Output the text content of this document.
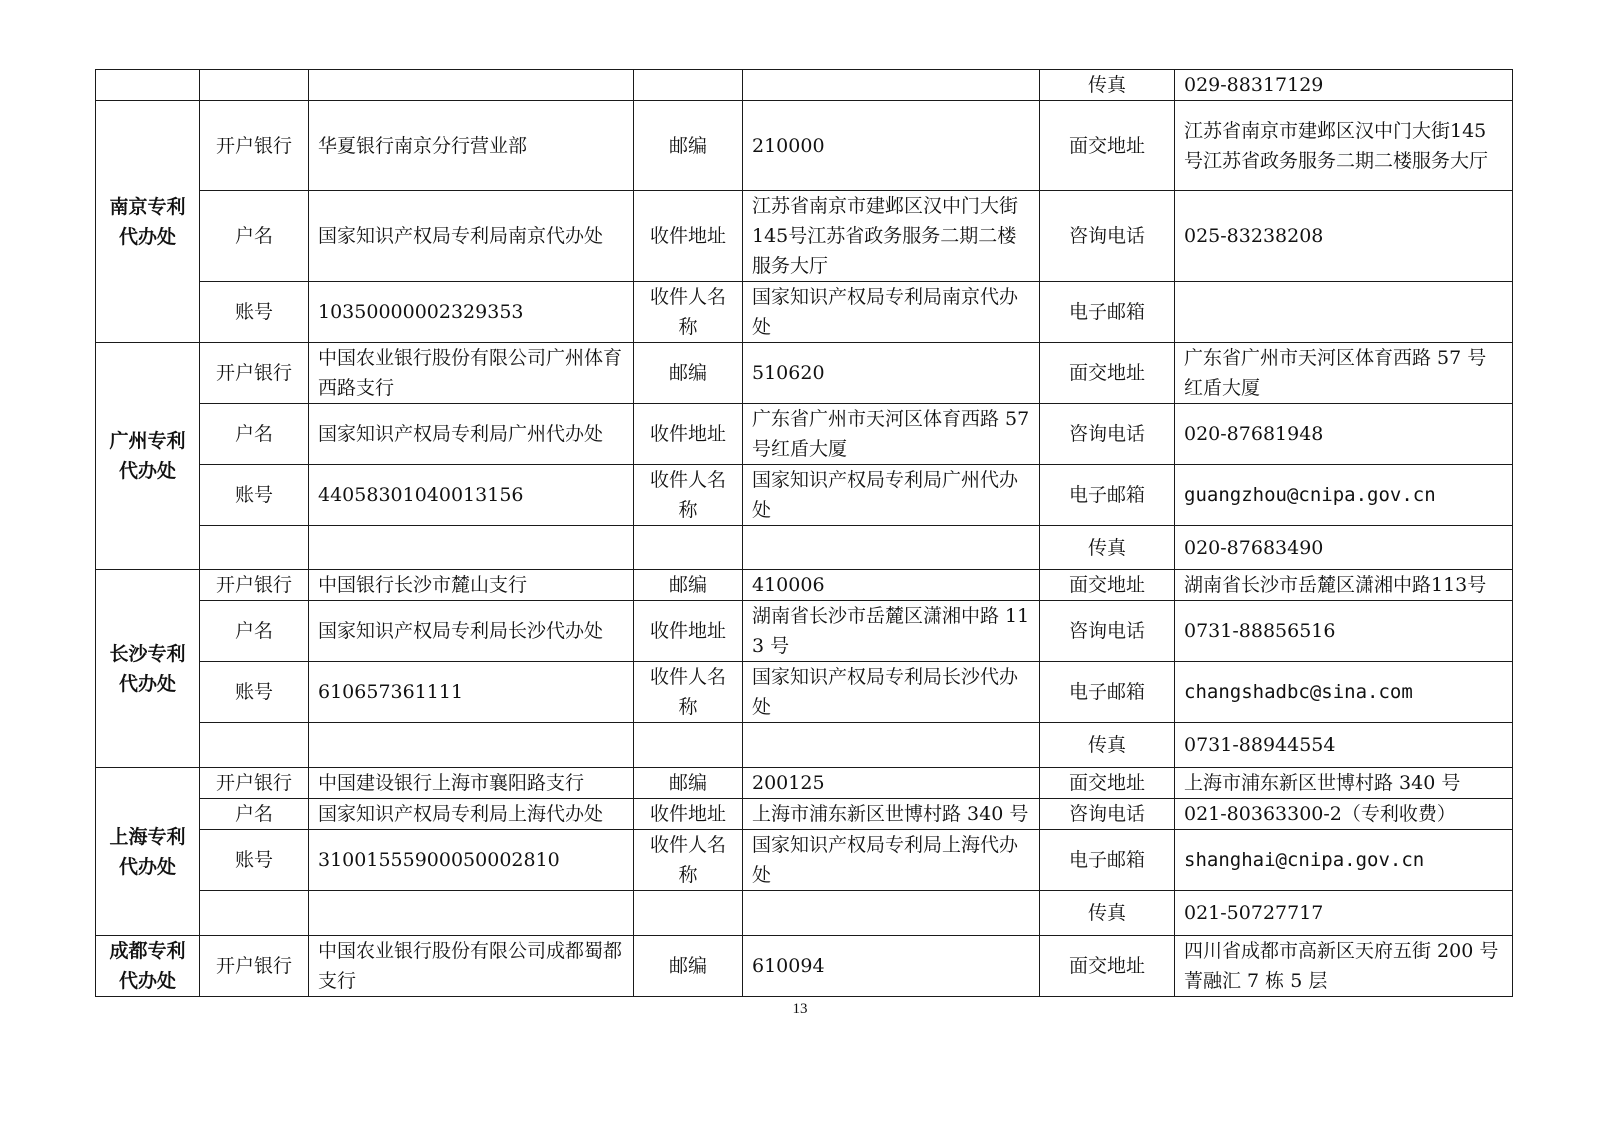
					传真	029-88317129
南京专利代办处	开户银行	华夏银行南京分行营业部	邮编	210000	面交地址	江苏省南京市建邺区汉中门大街145号江苏省政务服务二期二楼服务大厅
	户名	国家知识产权局专利局南京代办处	收件地址	江苏省南京市建邺区汉中门大街145号江苏省政务服务二期二楼服务大厅	咨询电话	025-83238208
	账号	10350000002329353	收件人名称	国家知识产权局专利局南京代办处	电子邮箱	
广州专利代办处	开户银行	中国农业银行股份有限公司广州体育西路支行	邮编	510620	面交地址	广东省广州市天河区体育西路 57 号红盾大厦
	户名	国家知识产权局专利局广州代办处	收件地址	广东省广州市天河区体育西路 57 号红盾大厦	咨询电话	020-87681948
	账号	44058301040013156	收件人名称	国家知识产权局专利局广州代办处	电子邮箱	guangzhou@cnipa.gov.cn
					传真	020-87683490
长沙专利代办处	开户银行	中国银行长沙市麓山支行	邮编	410006	面交地址	湖南省长沙市岳麓区潇湘中路113号
	户名	国家知识产权局专利局长沙代办处	收件地址	湖南省长沙市岳麓区潇湘中路 113 号	咨询电话	0731-88856516
	账号	610657361111	收件人名称	国家知识产权局专利局长沙代办处	电子邮箱	changshadbc@sina.com
					传真	0731-88944554
上海专利代办处	开户银行	中国建设银行上海市襄阳路支行	邮编	200125	面交地址	上海市浦东新区世博村路 340 号
	户名	国家知识产权局专利局上海代办处	收件地址	上海市浦东新区世博村路 340 号	咨询电话	021-80363300-2（专利收费）
	账号	31001555900050002810	收件人名称	国家知识产权局专利局上海代办处	电子邮箱	shanghai@cnipa.gov.cn
					传真	021-50727717
成都专利代办处	开户银行	中国农业银行股份有限公司成都蜀都支行	邮编	610094	面交地址	四川省成都市高新区天府五街 200 号菁融汇 7 栋 5 层
13
